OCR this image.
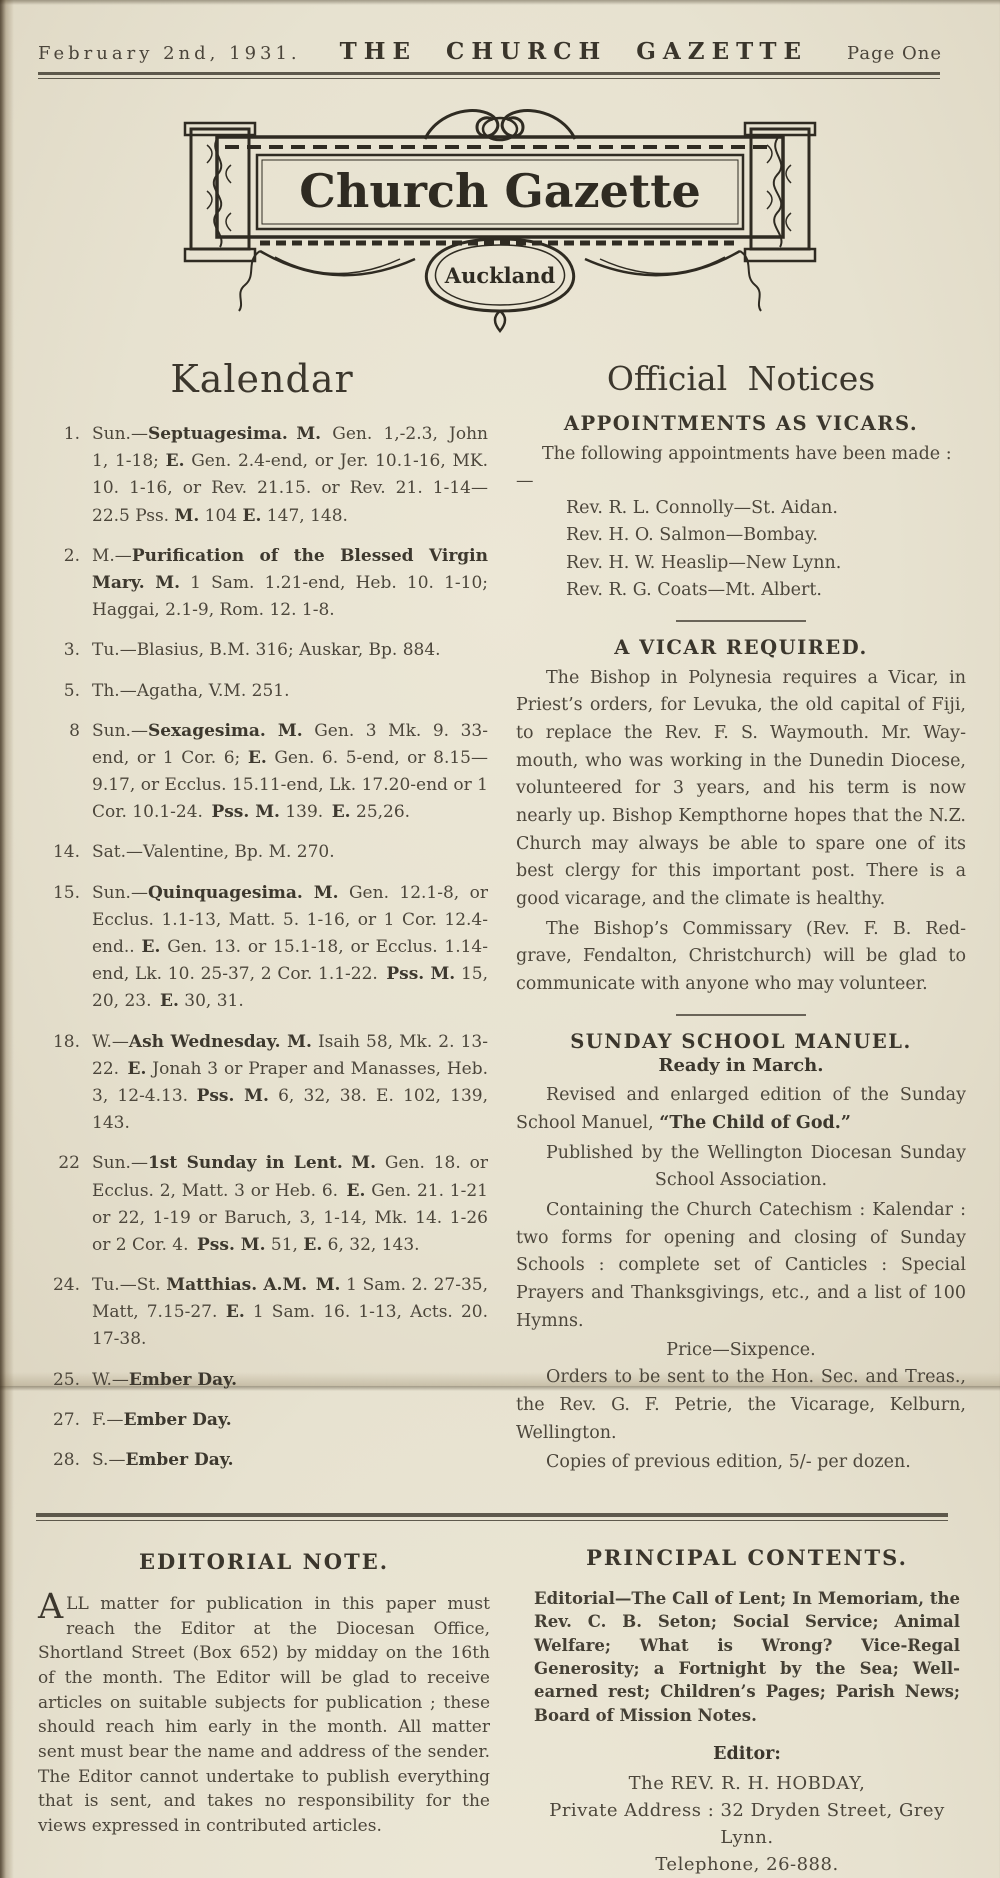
February 2nd, 1931. THE CHURCH GAZETTE Page One
Church Gazette
Auckland
Kalendar
1. Sun.—Septuagesima.  M. Gen. 1,-2.3, John 1, 1-18; E. Gen. 2.4-end, or Jer. 10.1-16, MK. 10. 1-16, or Rev. 21.15. or Rev. 21. 1-14—22.5 Pss. M. 104 E. 147, 148.
2. M.—Purification of the Blessed Virgin Mary. M. 1 Sam. 1.21-end, Heb. 10. 1-10; Haggai, 2.1-9, Rom. 12. 1-8.
3. Tu.—Blasius, B.M. 316; Auskar, Bp. 884.
5. Th.—Agatha, V.M. 251.
8 Sun.—Sexagesima. M. Gen. 3 Mk. 9. 33-end, or 1 Cor. 6; E. Gen. 6. 5-end, or 8.15—9.17, or Ecclus. 15.11-end, Lk. 17.20-end or 1 Cor. 10.1-24. Pss. M. 139. E. 25,26.
14. Sat.—Valentine, Bp. M. 270.
15. Sun.—Quinquagesima. M. Gen. 12.1-8, or Ecclus. 1.1-13, Matt. 5. 1-16, or 1 Cor. 12.4-end.. E. Gen. 13. or 15.1-18, or Ecclus. 1.14-end, Lk. 10. 25-37, 2 Cor. 1.1-22. Pss. M. 15, 20, 23. E. 30, 31.
18. W.—Ash Wednesday. M. Isaih 58, Mk. 2. 13-22. E. Jonah 3 or Praper and Manasses, Heb. 3, 12-4.13. Pss. M. 6, 32, 38. E. 102, 139, 143.
22 Sun.—1st Sunday in Lent.  M. Gen. 18. or Ecclus. 2, Matt. 3 or Heb. 6. E. Gen. 21. 1-21 or 22, 1-19 or Baruch, 3, 1-14, Mk. 14. 1-26 or 2 Cor. 4. Pss. M. 51, E. 6, 32, 143.
24. Tu.—St. Matthias. A.M.  M. 1 Sam. 2. 27-35, Matt, 7.15-27. E. 1 Sam. 16. 1-13, Acts. 20. 17-38.
25. W.—Ember Day.
27. F.—Ember Day.
28. S.—Ember Day.
Official Notices
APPOINTMENTS AS VICARS.
The following appointments have been made :—
Rev. R. L. Connolly—St. Aidan.
Rev. H. O. Salmon—Bombay.
Rev. H. W. Heaslip—New Lynn.
Rev. R. G. Coats—Mt. Albert.
A VICAR REQUIRED.

The Bishop in Polynesia requires a Vicar, in Priest’s orders, for Levuka, the old capital of Fiji, to replace the Rev. F. S. Waymouth. Mr. Way-mouth, who was working in the Dunedin Diocese, volunteered for 3 years, and his term is now nearly up. Bishop Kempthorne hopes that the N.Z. Church may always be able to spare one of its best clergy for this important post. There is a good vicarage, and the climate is healthy.

The Bishop’s Commissary (Rev. F. B. Red-grave, Fendalton, Christchurch) will be glad to communicate with anyone who may volunteer.

SUNDAY SCHOOL MANUEL.
Ready in March.

Revised and enlarged edition of the Sunday School Manuel, “The Child of God.”

Published by the Wellington Diocesan Sunday School Association.

Containing the Church Catechism : Kalendar : two forms for opening and closing of Sunday Schools : complete set of Canticles : Special Prayers and Thanksgivings, etc., and a list of 100 Hymns.

Price—Sixpence.

Orders to be sent to the Hon. Sec. and Treas., the Rev. G. F. Petrie, the Vicarage, Kelburn, Wellington.

Copies of previous edition, 5/- per dozen.

EDITORIAL NOTE.

ALL matter for publication in this paper must reach the Editor at the Diocesan Office, Shortland Street (Box 652) by midday on the 16th of the month. The Editor will be glad to receive articles on suitable subjects for publication ; these should reach him early in the month. All matter sent must bear the name and address of the sender. The Editor cannot undertake to publish everything that is sent, and takes no responsibility for the views expressed in contributed articles.

PRINCIPAL CONTENTS.

Editorial—The Call of Lent; In Memoriam, the Rev. C. B. Seton; Social Service; Animal Welfare; What is Wrong? Vice-Regal Generosity; a Fortnight by the Sea; Well-earned rest; Children’s Pages; Parish News; Board of Mission Notes.

Editor:
The REV. R. H. HOBDAY,
Private Address : 32 Dryden Street, Grey Lynn.
Telephone, 26-888.
